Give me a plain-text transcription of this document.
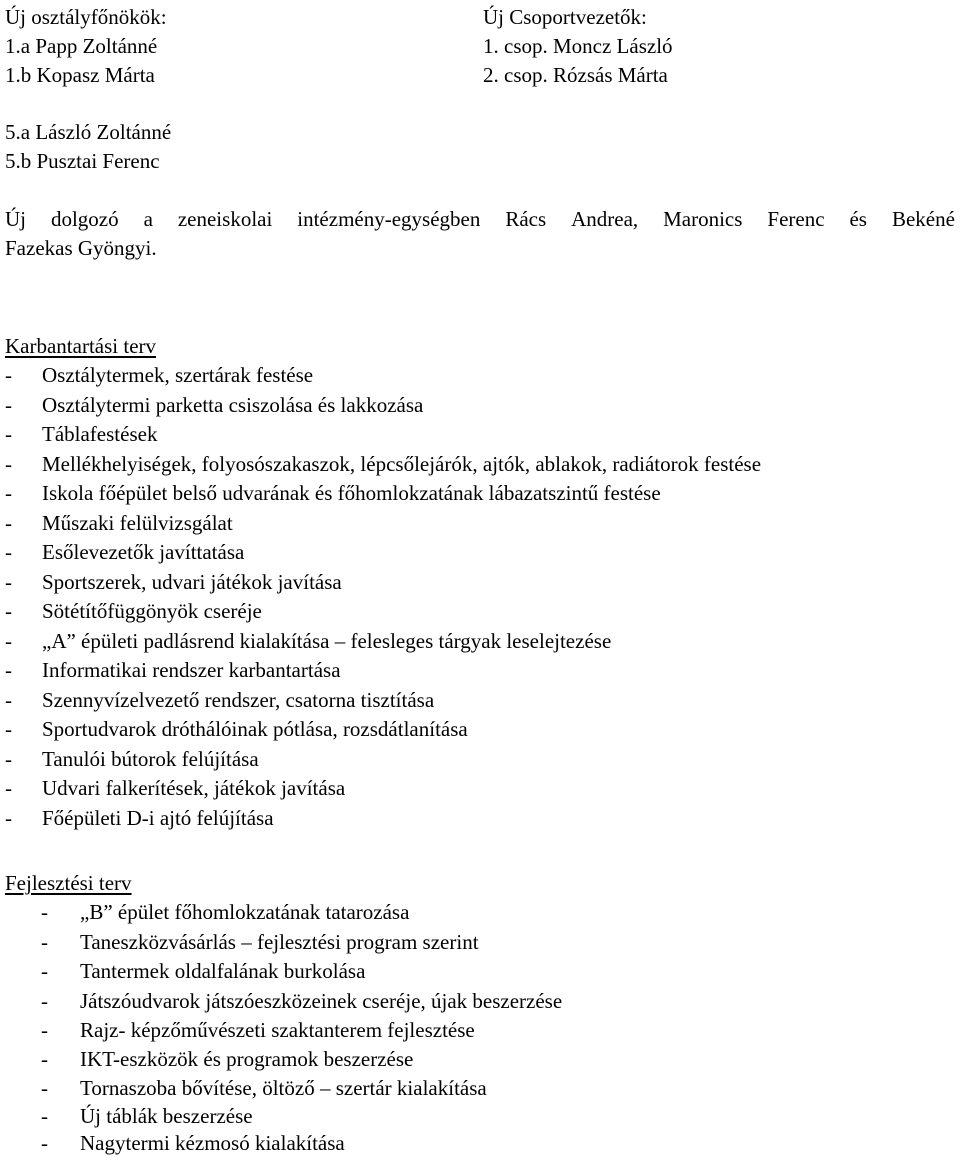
Új osztályfőnökök:	Új Csoportvezetők:
1.a Papp Zoltánné	1. csop. Moncz László
1.b Kopasz Márta	2. csop. Rózsás Márta
5.a László Zoltánné
5.b Pusztai Ferenc
Új dolgozó a zeneiskolai intézmény-egységben Rács Andrea, Maronics Ferenc és Bekéné
Fazekas Gyöngyi.
Karbantartási terv
- Osztálytermek, szertárak festése
- Osztálytermi parketta csiszolása és lakkozása
- Táblafestések
- Mellékhelyiségek, folyosószakaszok, lépcsőlejárók, ajtók, ablakok, radiátorok festése
- Iskola főépület belső udvarának és főhomlokzatának lábazatszintű festése
- Műszaki felülvizsgálat
- Esőlevezetők javíttatása
- Sportszerek, udvari játékok javítása
- Sötétítőfüggönyök cseréje
- „A” épületi padlásrend kialakítása – felesleges tárgyak leselejtezése
- Informatikai rendszer karbantartása
- Szennyvízelvezető rendszer, csatorna tisztítása
- Sportudvarok dróthálóinak pótlása, rozsdátlanítása
- Tanulói bútorok felújítása
- Udvari falkerítések, játékok javítása
- Főépületi D-i ajtó felújítása
Fejlesztési terv
- „B” épület főhomlokzatának tatarozása
- Taneszközvásárlás – fejlesztési program szerint
- Tantermek oldalfalának burkolása
- Játszóudvarok játszóeszközeinek cseréje, újak beszerzése
- Rajz- képzőművészeti szaktanterem fejlesztése
- IKT-eszközök és programok beszerzése
- Tornaszoba bővítése, öltöző – szertár kialakítása
- Új táblák beszerzése
- Nagytermi kézmosó kialakítása
